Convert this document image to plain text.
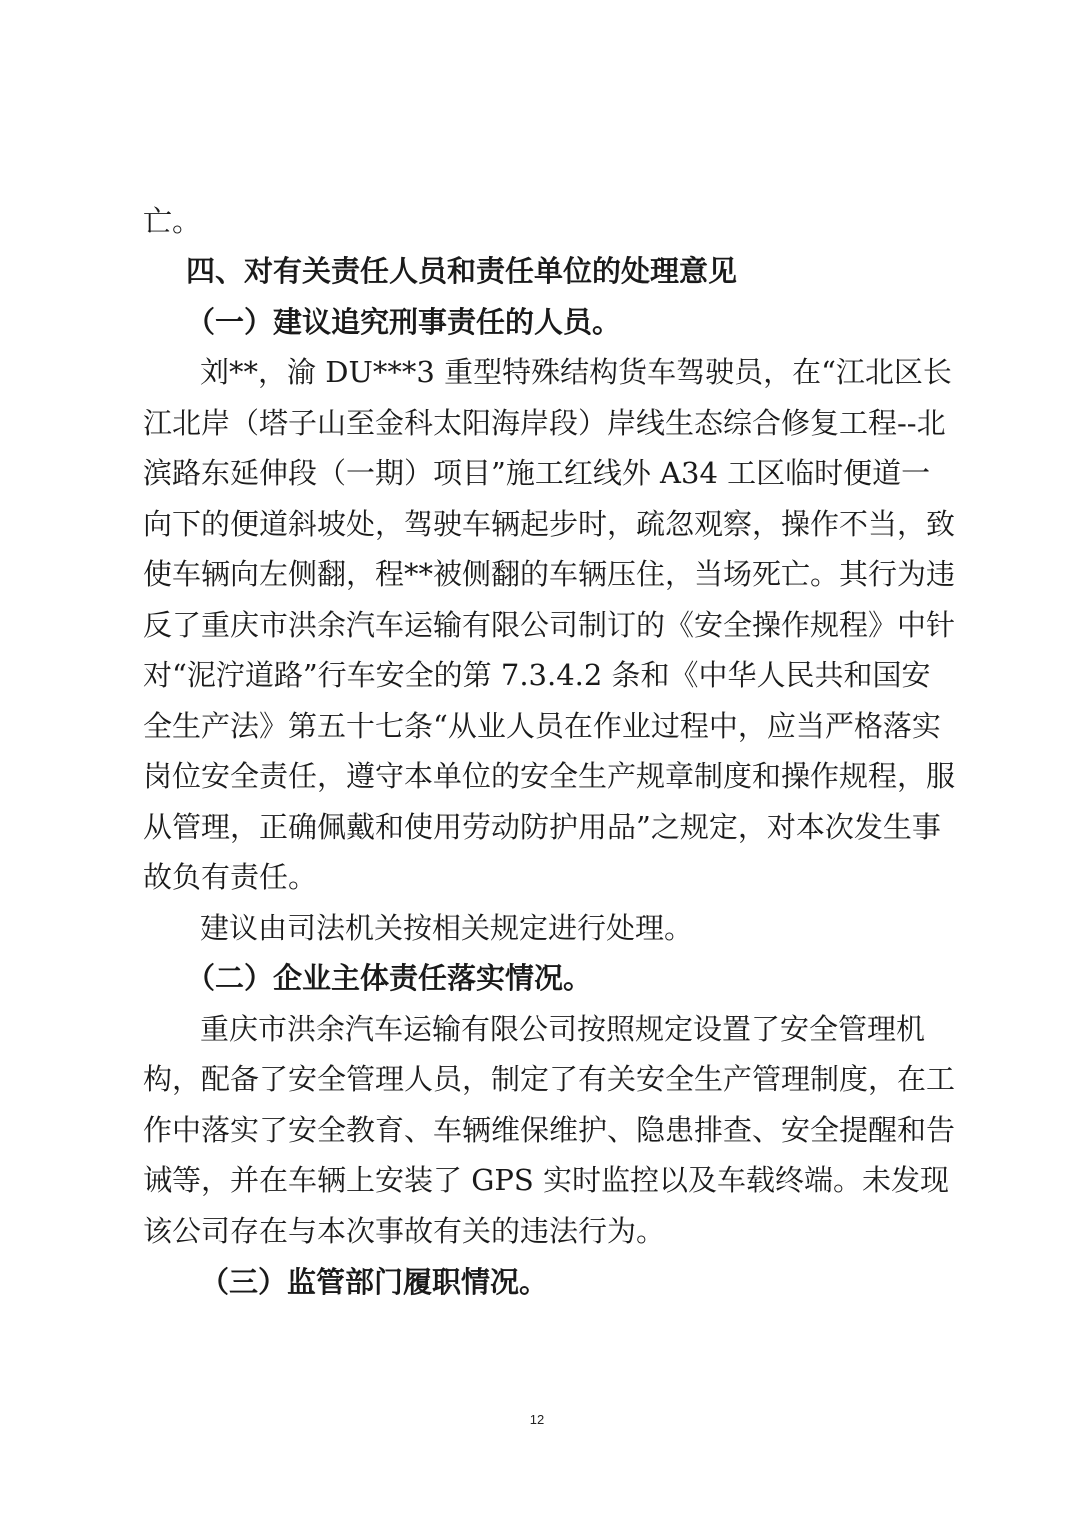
亡。
四、对有关责任人员和责任单位的处理意见
（一）建议追究刑事责任的人员。
刘**，渝 DU***3 重型特殊结构货车驾驶员，在“江北区长
江北岸（塔子山至金科太阳海岸段）岸线生态综合修复工程--北
滨路东延伸段（一期）项目”施工红线外 A34 工区临时便道一
向下的便道斜坡处，驾驶车辆起步时，疏忽观察，操作不当，致
使车辆向左侧翻，程**被侧翻的车辆压住，当场死亡。其行为违
反了重庆市洪余汽车运输有限公司制订的《安全操作规程》中针
对“泥泞道路”行车安全的第 7.3.4.2 条和《中华人民共和国安
全生产法》第五十七条“从业人员在作业过程中，应当严格落实
岗位安全责任，遵守本单位的安全生产规章制度和操作规程，服
从管理，正确佩戴和使用劳动防护用品”之规定，对本次发生事
故负有责任。
建议由司法机关按相关规定进行处理。
（二）企业主体责任落实情况。
重庆市洪余汽车运输有限公司按照规定设置了安全管理机
构，配备了安全管理人员，制定了有关安全生产管理制度，在工
作中落实了安全教育、车辆维保维护、隐患排查、安全提醒和告
诫等，并在车辆上安装了 GPS 实时监控以及车载终端。未发现
该公司存在与本次事故有关的违法行为。
（三）监管部门履职情况。
12
